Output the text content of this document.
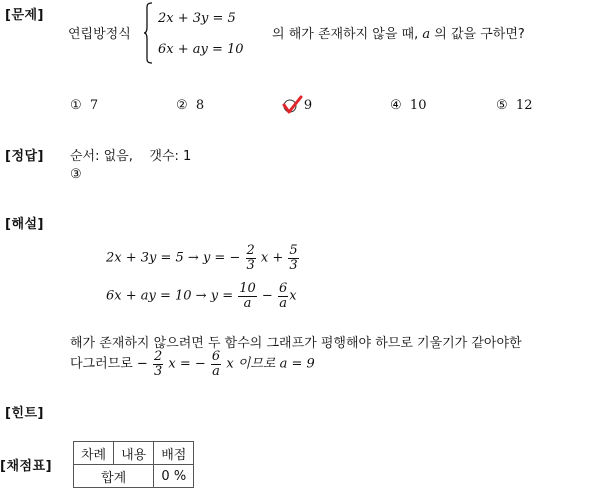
[문제]
[정답]
[해설]
[힌트]
[채점표]
연립방정식
2x + 3y = 5
6x + ay = 10
의 해가 존재하지 않을 때, a 의 값을 구하면?
① 7	② 8	9	④ 10	⑤ 12
순서: 없음, 갯수: 1
③
2x + 3y = 5 → y = − $\frac{2}{3}$ $x + \frac{5}{3}$
6x + ay = $10 \to y = \frac{10}{a} - \frac{6}{a}$ x
해가 존재하지 않으려면 두 함수의 그래프가 평행해야 하므로 기울기가 같아야한
다그러므로 − $\frac{2}{3}$ x = − $\frac{6}{a}$ x 이므로 a = 9
차례	내용	배점
합계		0 %
